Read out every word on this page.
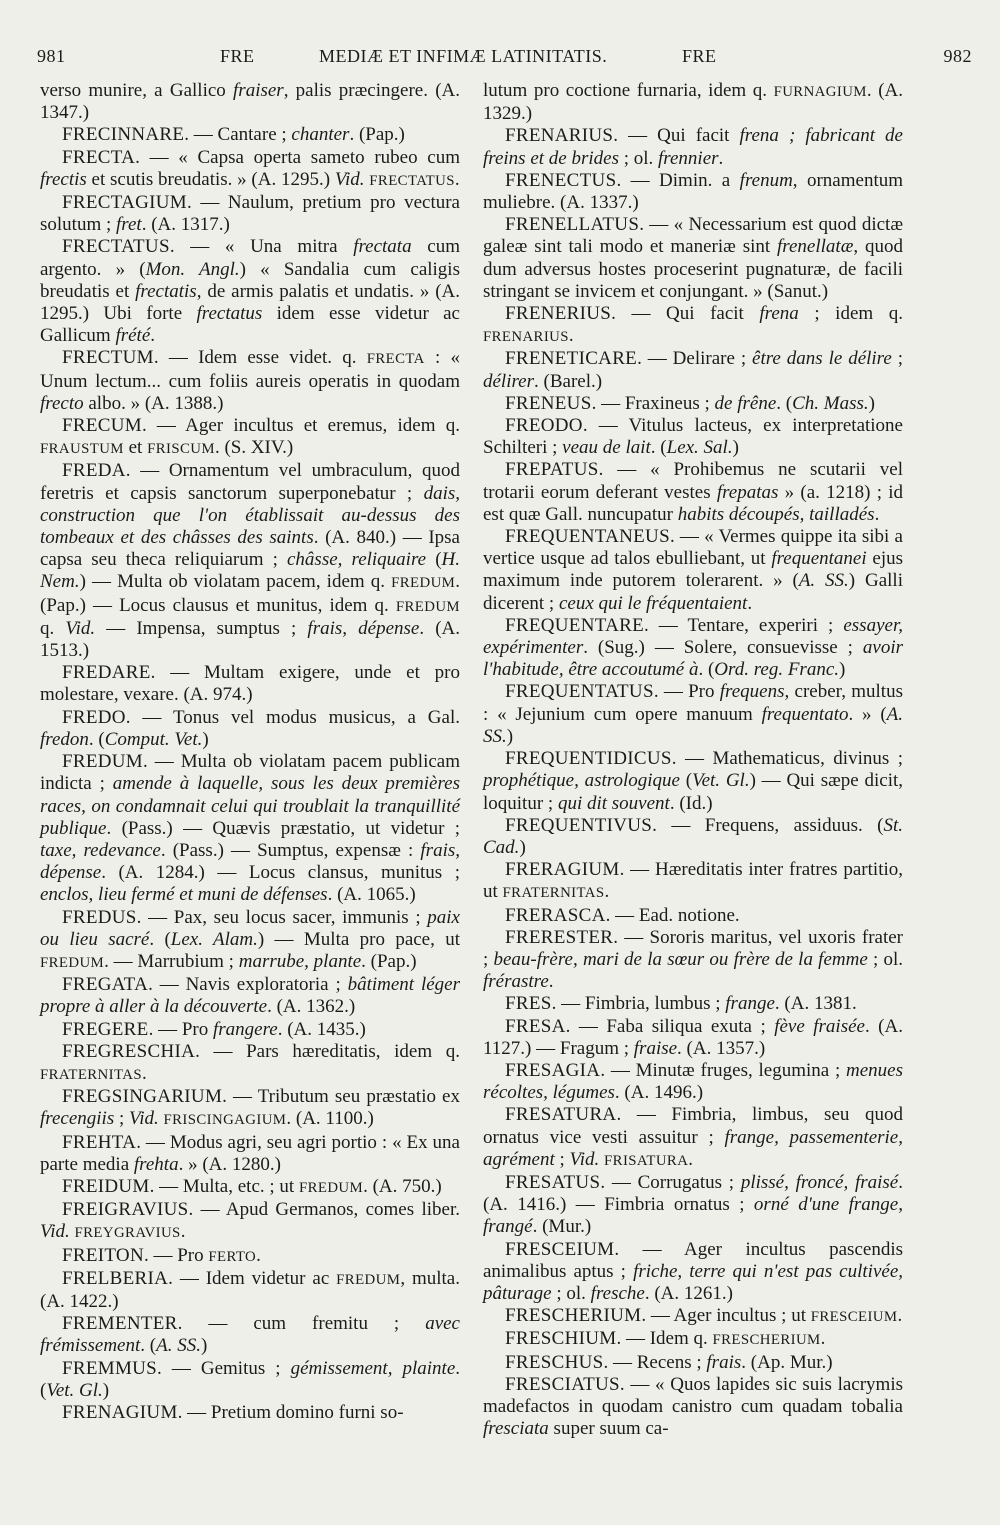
981	FRE	MEDIÆ ET INFIMÆ LATINITATIS.	FRE	982

verso munire, a Gallico fraiser, palis præcingere. (A. 1347.)

FRECINNARE. — Cantare ; chanter. (Pap.)

FRECTA. — « Capsa operta sameto rubeo cum frectis et scutis breudatis. » (A. 1295.) Vid. FRECTATUS.

FRECTAGIUM. — Naulum, pretium pro vectura solutum ; fret. (A. 1317.)

FRECTATUS. — « Una mitra frectata cum argento. » (Mon. Angl.) « Sandalia cum caligis breudatis et frectatis, de armis palatis et undatis. » (A. 1295.) Ubi forte frectatus idem esse videtur ac Gallicum frété.

FRECTUM. — Idem esse videt. q. FRECTA : « Unum lectum... cum foliis aureis operatis in quodam frecto albo. » (A. 1388.)

FRECUM. — Ager incultus et eremus, idem q. FRAUSTUM et FRISCUM. (S. XIV.)

FREDA. — Ornamentum vel umbraculum, quod feretris et capsis sanctorum superponebatur ; dais, construction que l'on établissait au-dessus des tombeaux et des châsses des saints. (A. 840.) — Ipsa capsa seu theca reliquiarum ; châsse, reliquaire (H. Nem.) — Multa ob violatam pacem, idem q. FREDUM. (Pap.) — Locus clausus et munitus, idem q. FREDUM q. Vid. — Impensa, sumptus ; frais, dépense. (A. 1513.)

FREDARE. — Multam exigere, unde et pro molestare, vexare. (A. 974.)

FREDO. — Tonus vel modus musicus, a Gal. fredon. (Comput. Vet.)

FREDUM. — Multa ob violatam pacem publicam indicta ; amende à laquelle, sous les deux premières races, on condamnait celui qui troublait la tranquillité publique. (Pass.) — Quævis præstatio, ut videtur ; taxe, redevance. (Pass.) — Sumptus, expensæ : frais, dépense. (A. 1284.) — Locus clansus, munitus ; enclos, lieu fermé et muni de défenses. (A. 1065.)

FREDUS. — Pax, seu locus sacer, immunis ; paix ou lieu sacré. (Lex. Alam.) — Multa pro pace, ut FREDUM. — Marrubium ; marrube, plante. (Pap.)

FREGATA. — Navis exploratoria ; bâtiment léger propre à aller à la découverte. (A. 1362.)

FREGERE. — Pro frangere. (A. 1435.)

FREGRESCHIA. — Pars hæreditatis, idem q. FRATERNITAS.

FREGSINGARIUM. — Tributum seu præstatio ex frecengiis ; Vid. FRISCINGAGIUM. (A. 1100.)

FREHTA. — Modus agri, seu agri portio : « Ex una parte media frehta. » (A. 1280.)

FREIDUM. — Multa, etc. ; ut FREDUM. (A. 750.)

FREIGRAVIUS. — Apud Germanos, comes liber. Vid. FREYGRAVIUS.

FREITON. — Pro FERTO.

FRELBERIA. — Idem videtur ac FREDUM, multa. (A. 1422.)

FREMENTER. — cum fremitu ; avec frémissement. (A. SS.)

FREMMUS. — Gemitus ; gémissement, plainte. (Vet. Gl.)

FRENAGIUM. — Pretium domino furni so-

lutum pro coctione furnaria, idem q. FURNAGIUM. (A. 1329.)

FRENARIUS. — Qui facit frena ; fabricant de freins et de brides ; ol. frennier.

FRENECTUS. — Dimin. a frenum, ornamentum muliebre. (A. 1337.)

FRENELLATUS. — « Necessarium est quod dictæ galeæ sint tali modo et maneriæ sint frenellatæ, quod dum adversus hostes proceserint pugnaturæ, de facili stringant se invicem et conjungant. » (Sanut.)

FRENERIUS. — Qui facit frena ; idem q. FRENARIUS.

FRENETICARE. — Delirare ; être dans le délire ; délirer. (Barel.)

FRENEUS. — Fraxineus ; de frêne. (Ch. Mass.)

FREODO. — Vitulus lacteus, ex interpretatione Schilteri ; veau de lait. (Lex. Sal.)

FREPATUS. — « Prohibemus ne scutarii vel trotarii eorum deferant vestes frepatas » (a. 1218) ; id est quæ Gall. nuncupatur habits découpés, tailladés.

FREQUENTANEUS. — « Vermes quippe ita sibi a vertice usque ad talos ebulliebant, ut frequentanei ejus maximum inde putorem tolerarent. » (A. SS.) Galli dicerent ; ceux qui le fréquentaient.

FREQUENTARE. — Tentare, experiri ; essayer, expérimenter. (Sug.) — Solere, consuevisse ; avoir l'habitude, être accoutumé à. (Ord. reg. Franc.)

FREQUENTATUS. — Pro frequens, creber, multus : « Jejunium cum opere manuum frequentato. » (A. SS.)

FREQUENTIDICUS. — Mathematicus, divinus ; prophétique, astrologique (Vet. Gl.) — Qui sæpe dicit, loquitur ; qui dit souvent. (Id.)

FREQUENTIVUS. — Frequens, assiduus. (St. Cad.)

FRERAGIUM. — Hæreditatis inter fratres partitio, ut FRATERNITAS.

FRERASCA. — Ead. notione.

FRERESTER. — Sororis maritus, vel uxoris frater ; beau-frère, mari de la sœur ou frère de la femme ; ol. frérastre.

FRES. — Fimbria, lumbus ; frange. (A. 1381.

FRESA. — Faba siliqua exuta ; fève fraisée. (A. 1127.) — Fragum ; fraise. (A. 1357.)

FRESAGIA. — Minutæ fruges, legumina ; menues récoltes, légumes. (A. 1496.)

FRESATURA. — Fimbria, limbus, seu quod ornatus vice vesti assuitur ; frange, passementerie, agrément ; Vid. FRISATURA.

FRESATUS. — Corrugatus ; plissé, froncé, fraisé. (A. 1416.) — Fimbria ornatus ; orné d'une frange, frangé. (Mur.)

FRESCEIUM. — Ager incultus pascendis animalibus aptus ; friche, terre qui n'est pas cultivée, pâturage ; ol. fresche. (A. 1261.)

FRESCHERIUM. — Ager incultus ; ut FRESCEIUM.

FRESCHIUM. — Idem q. FRESCHERIUM.

FRESCHUS. — Recens ; frais. (Ap. Mur.)

FRESCIATUS. — « Quos lapides sic suis lacrymis madefactos in quodam canistro cum quadam tobalia fresciata super suum ca-
